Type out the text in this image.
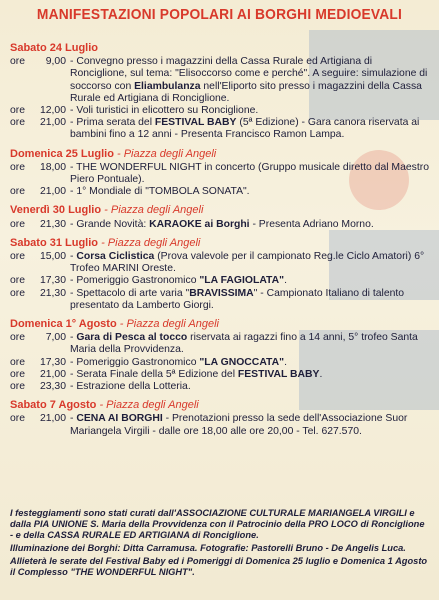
MANIFESTAZIONI POPOLARI AI BORGHI MEDIOEVALI
Sabato 24 Luglio
ore	9,00 - Convegno presso i magazzini della Cassa Rurale ed Artigiana di Ronciglione, sul tema: "Elisoccorso come e perché". A seguire: simulazione di soccorso con Eliambulanza nell'Eliporto sito presso i magazzini della Cassa Rurale ed Artigiana di Ronciglione.
ore	12,00 - Voli turistici in elicottero su Ronciglione.
ore	21,00 - Prima serata del FESTIVAL BABY (5ª Edizione) - Gara canora riservata ai bambini fino a 12 anni - Presenta Francisco Ramon Lampa.
Domenica 25 Luglio - Piazza degli Angeli
ore	18,00 - THE WONDERFUL NIGHT in concerto (Gruppo musicale diretto dal Maestro Piero Pontuale).
ore	21,00 - 1° Mondiale di "TOMBOLA SONATA".
Venerdì 30 Luglio - Piazza degli Angeli
ore	21,30 - Grande Novità: KARAOKE ai Borghi - Presenta Adriano Morno.
Sabato 31 Luglio - Piazza degli Angeli
ore	15,00 - Corsa Ciclistica (Prova valevole per il campionato Reg.le Ciclo Amatori) 6° Trofeo MARINI Oreste.
ore	17,30 - Pomeriggio Gastronomico "LA FAGIOLATA".
ore	21,30 - Spettacolo di arte varia "BRAVISSIMA" - Campionato Italiano di talento presentato da Lamberto Giorgi.
Domenica 1° Agosto - Piazza degli Angeli
ore	7,00 - Gara di Pesca al tocco riservata ai ragazzi fino a 14 anni, 5° trofeo Santa Maria della Provvidenza.
ore	17,30 - Pomeriggio Gastronomico "LA GNOCCATA".
ore	21,00 - Serata Finale della 5ª Edizione del FESTIVAL BABY.
ore	23,30 - Estrazione della Lotteria.
Sabato 7 Agosto - Piazza degli Angeli
ore	21,00 - CENA AI BORGHI - Prenotazioni presso la sede dell'Associazione Suor Mariangela Virgili - dalle ore 18,00 alle ore 20,00 - Tel. 627.570.

I festeggiamenti sono stati curati dall'ASSOCIAZIONE CULTURALE MARIANGELA VIRGILI e dalla PIA UNIONE S. Maria della Provvidenza con il Patrocinio della PRO LOCO di Ronciglione - e della CASSA RURALE ED ARTIGIANA di Ronciglione.

Illuminazione dei Borghi: Ditta Carramusa. Fotografie: Pastorelli Bruno - De Angelis Luca.

Allieterà le serate del Festival Baby ed i Pomeriggi di Domenica 25 luglio e Domenica 1 Agosto il Complesso "THE WONDERFUL NIGHT".
